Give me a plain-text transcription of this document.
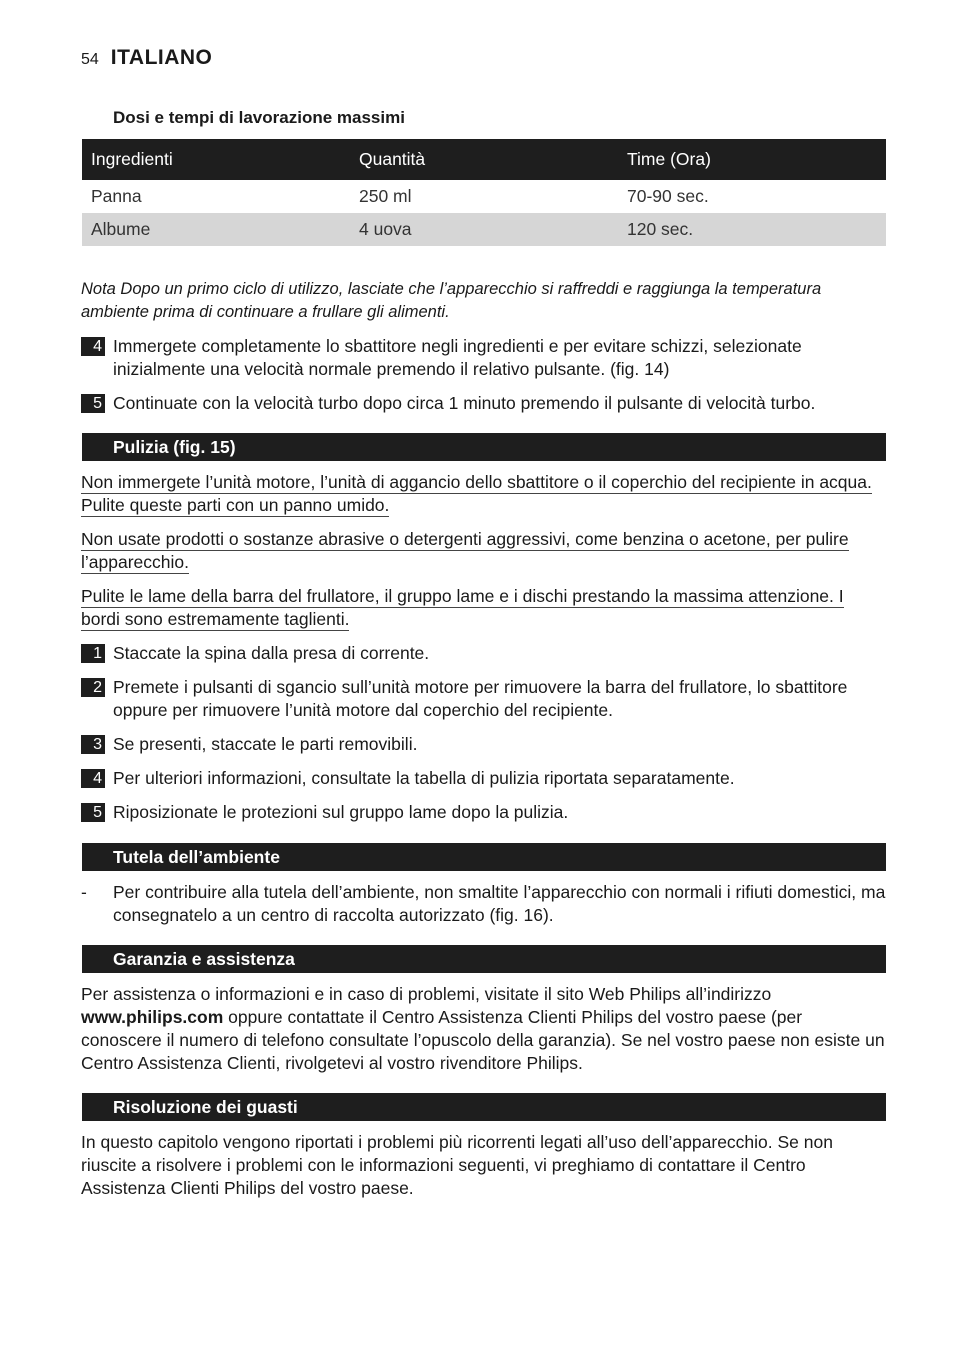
54 ITALIANO
Dosi e tempi di lavorazione massimi
Ingredienti	Quantità	Time (Ora)
Panna	250 ml	70-90 sec.
Albume	4 uova	120 sec.
Nota Dopo un primo ciclo di utilizzo, lasciate che l’apparecchio si raffreddi e raggiunga la temperatura ambiente prima di continuare a frullare gli alimenti.
4 Immergete completamente lo sbattitore negli ingredienti e per evitare schizzi, selezionate inizialmente una velocità normale premendo il relativo pulsante. (fig. 14)
5 Continuate con la velocità turbo dopo circa 1 minuto premendo il pulsante di velocità turbo.
Pulizia (fig. 15)
Non immergete l’unità motore, l’unità di aggancio dello sbattitore o il coperchio del recipiente in acqua. Pulite queste parti con un panno umido.
Non usate prodotti o sostanze abrasive o detergenti aggressivi, come benzina o acetone, per pulire l’apparecchio.
Pulite le lame della barra del frullatore, il gruppo lame e i dischi prestando la massima attenzione. I bordi sono estremamente taglienti.
1 Staccate la spina dalla presa di corrente.
2 Premete i pulsanti di sgancio sull’unità motore per rimuovere la barra del frullatore, lo sbattitore oppure per rimuovere l’unità motore dal coperchio del recipiente.
3 Se presenti, staccate le parti removibili.
4 Per ulteriori informazioni, consultate la tabella di pulizia riportata separatamente.
5 Riposizionate le protezioni sul gruppo lame dopo la pulizia.
Tutela dell’ambiente
-	Per contribuire alla tutela dell’ambiente, non smaltite l’apparecchio con normali i rifiuti domestici, ma consegnatelo a un centro di raccolta autorizzato (fig. 16).
Garanzia e assistenza
Per assistenza o informazioni e in caso di problemi, visitate il sito Web Philips all’indirizzo www.philips.com oppure contattate il Centro Assistenza Clienti Philips del vostro paese (per conoscere il numero di telefono consultate l’opuscolo della garanzia). Se nel vostro paese non esiste un Centro Assistenza Clienti, rivolgetevi al vostro rivenditore Philips.
Risoluzione dei guasti
In questo capitolo vengono riportati i problemi più ricorrenti legati all’uso dell’apparecchio. Se non riuscite a risolvere i problemi con le informazioni seguenti, vi preghiamo di contattare il Centro Assistenza Clienti Philips del vostro paese.
